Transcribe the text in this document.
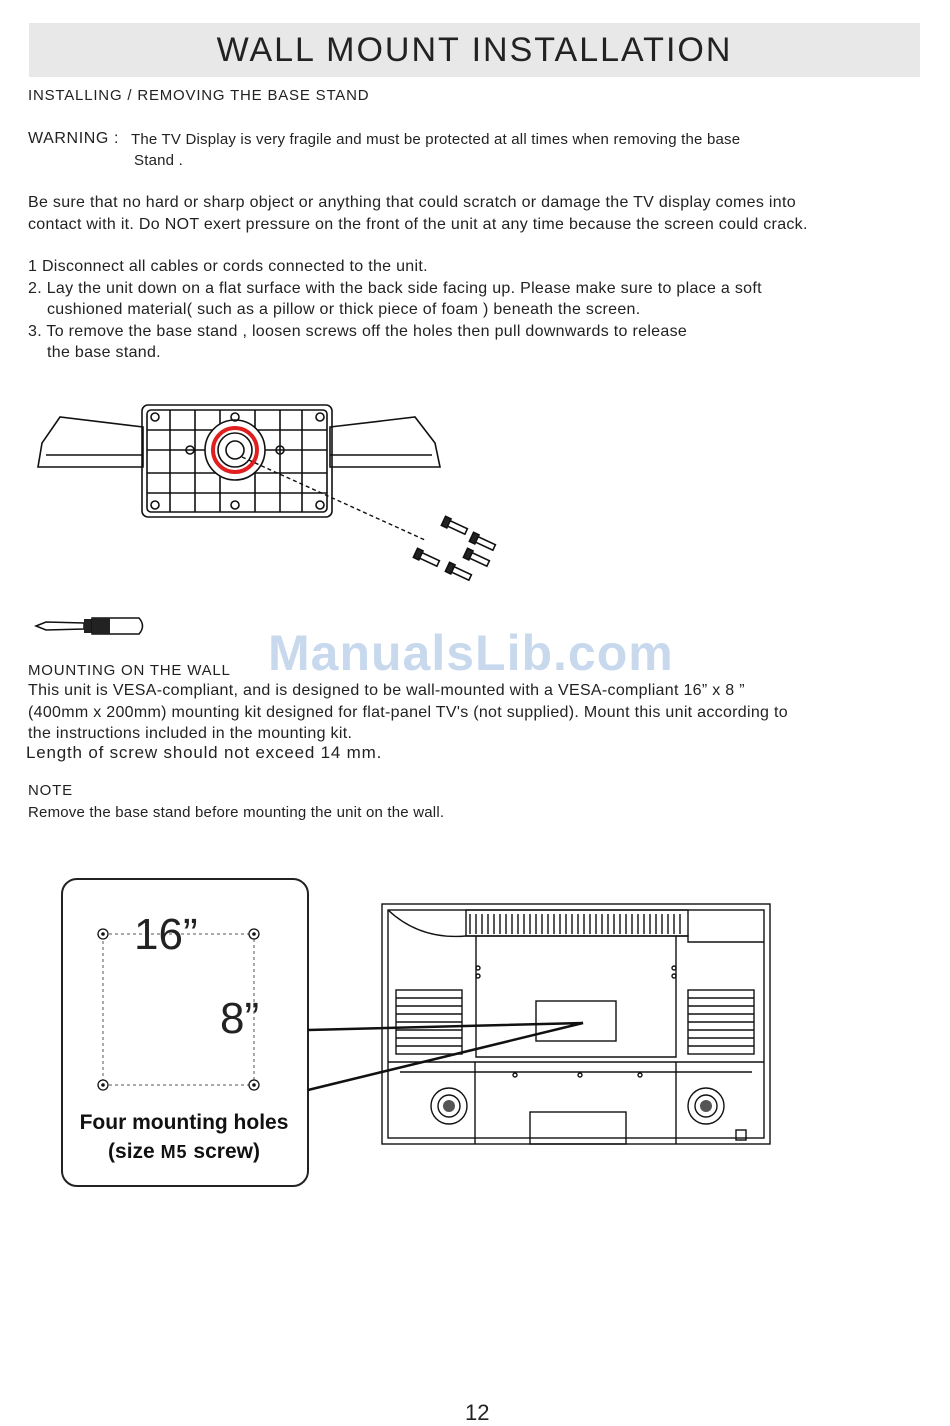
WALL MOUNT INSTALLATION
INSTALLING / REMOVING THE BASE STAND
WARNING : The TV Display is very fragile and must be protected at all times when removing the base
Stand .
Be sure that no hard or sharp object or anything that could scratch or damage the TV display comes into
contact with it. Do NOT exert pressure on the front of the unit at any time because the screen could crack.
1 Disconnect all cables or cords connected to the unit.
2. Lay the unit down on a flat surface with the back side facing up. Please make sure to place a soft
cushioned material( such as a pillow or thick piece of foam ) beneath the screen.
3. To remove the base stand , loosen screws off the holes then pull downwards to release
the base stand.
ManualsLib.com
MOUNTING ON THE WALL
This unit is VESA-compliant, and is designed to be wall-mounted with a VESA-compliant 16” x 8 ”
(400mm x 200mm) mounting kit designed for flat-panel TV's (not supplied). Mount this unit according to
the instructions included in the mounting kit.
Length of screw should not exceed 14 mm.
NOTE
Remove the base stand before mounting the unit on the wall.
16”
8”
Four mounting holes
(size M5 screw)
12
